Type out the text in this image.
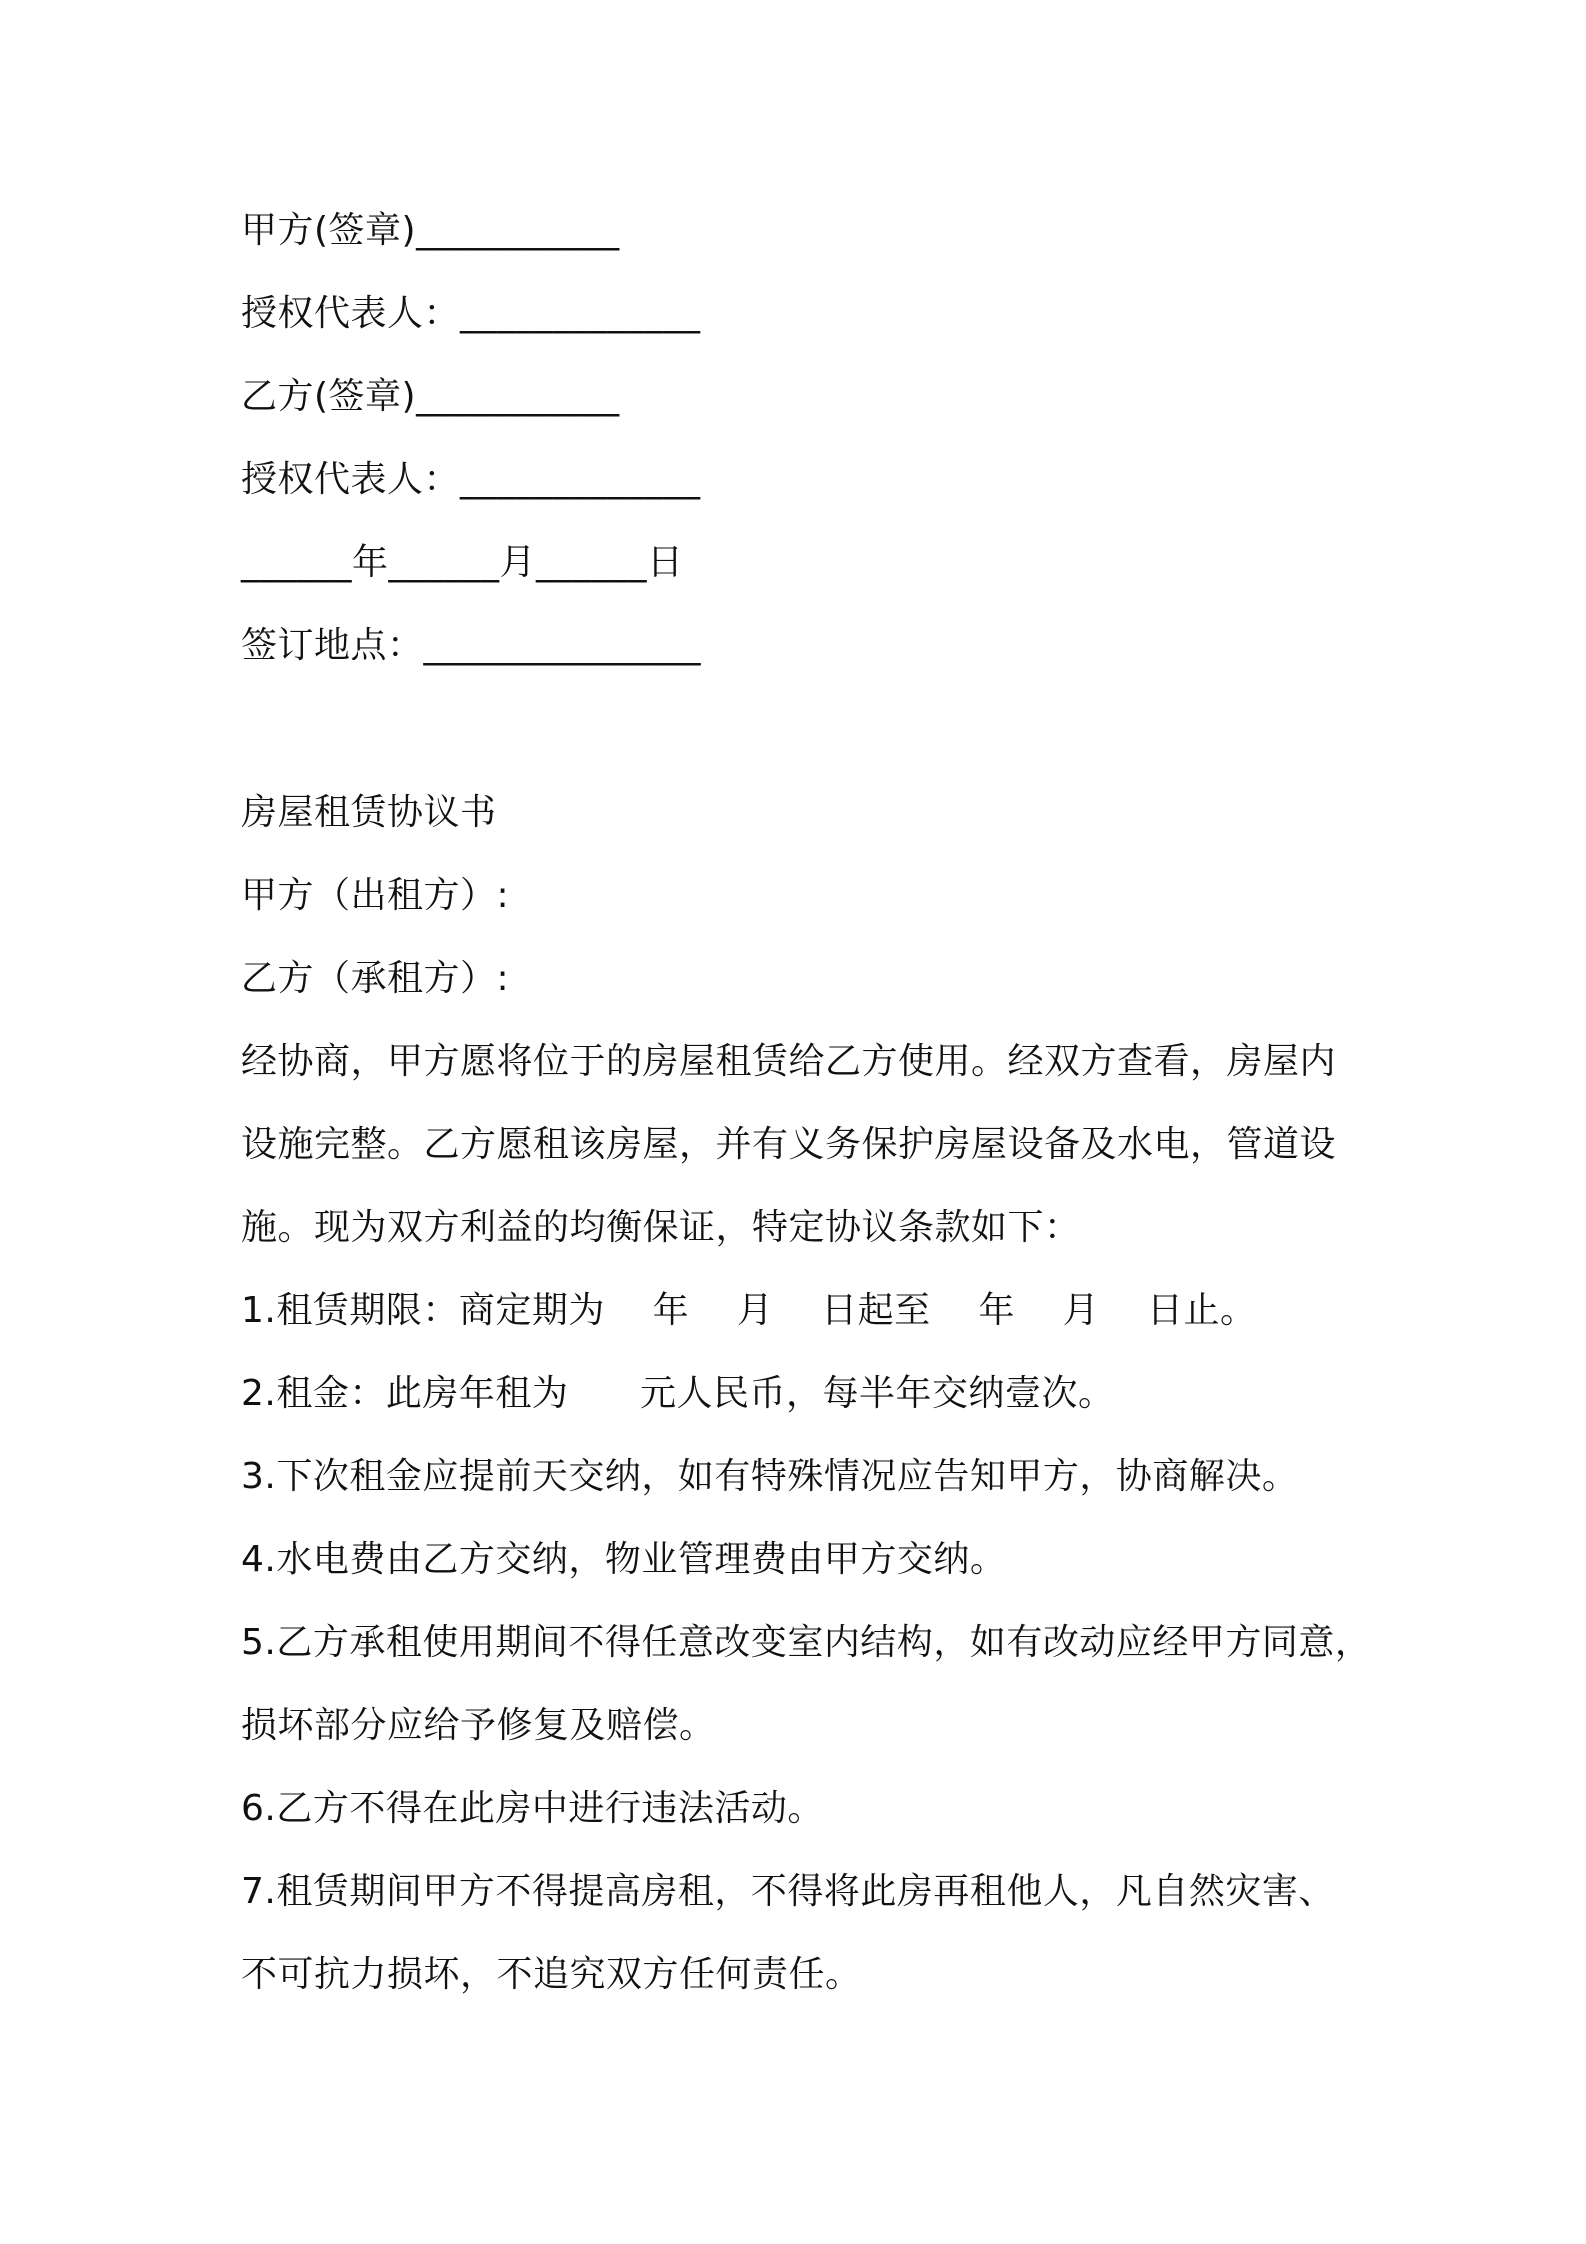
甲方(签章)___________
授权代表人：_____________
乙方(签章)___________
授权代表人：_____________
______年______月______日
签订地点：_______________
房屋租赁协议书
甲方（出租方）:
乙方（承租方）:
经协商，甲方愿将位于的房屋租赁给乙方使用。经双方查看，房屋内
设施完整。乙方愿租该房屋，并有义务保护房屋设备及水电，管道设
施。现为双方利益的均衡保证，特定协议条款如下：
1.租赁期限：商定期为    年    月    日起至    年    月    日止。
2.租金：此房年租为      元人民币，每半年交纳壹次。
3.下次租金应提前天交纳，如有特殊情况应告知甲方，协商解决。
4.水电费由乙方交纳，物业管理费由甲方交纳。
5.乙方承租使用期间不得任意改变室内结构，如有改动应经甲方同意，
损坏部分应给予修复及赔偿。
6.乙方不得在此房中进行违法活动。
7.租赁期间甲方不得提高房租，不得将此房再租他人，凡自然灾害、
不可抗力损坏，不追究双方任何责任。
